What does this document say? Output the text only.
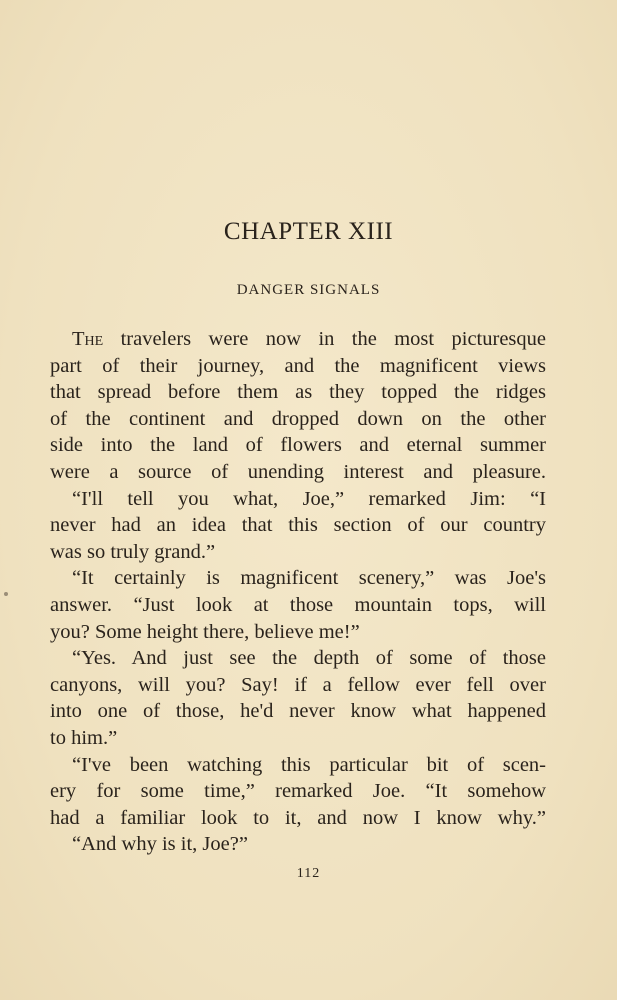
CHAPTER XIII
DANGER SIGNALS
The travelers were now in the most picturesque
part of their journey, and the magnificent views
that spread before them as they topped the ridges
of the continent and dropped down on the other
side into the land of flowers and eternal summer
were a source of unending interest and pleasure.
“I'll tell you what, Joe,” remarked Jim: “I
never had an idea that this section of our country
was so truly grand.”
“It certainly is magnificent scenery,” was Joe's
answer. “Just look at those mountain tops, will
you? Some height there, believe me!”
“Yes. And just see the depth of some of those
canyons, will you? Say! if a fellow ever fell over
into one of those, he'd never know what happened
to him.”
“I've been watching this particular bit of scen-
ery for some time,” remarked Joe. “It somehow
had a familiar look to it, and now I know why.”
“And why is it, Joe?”
112
